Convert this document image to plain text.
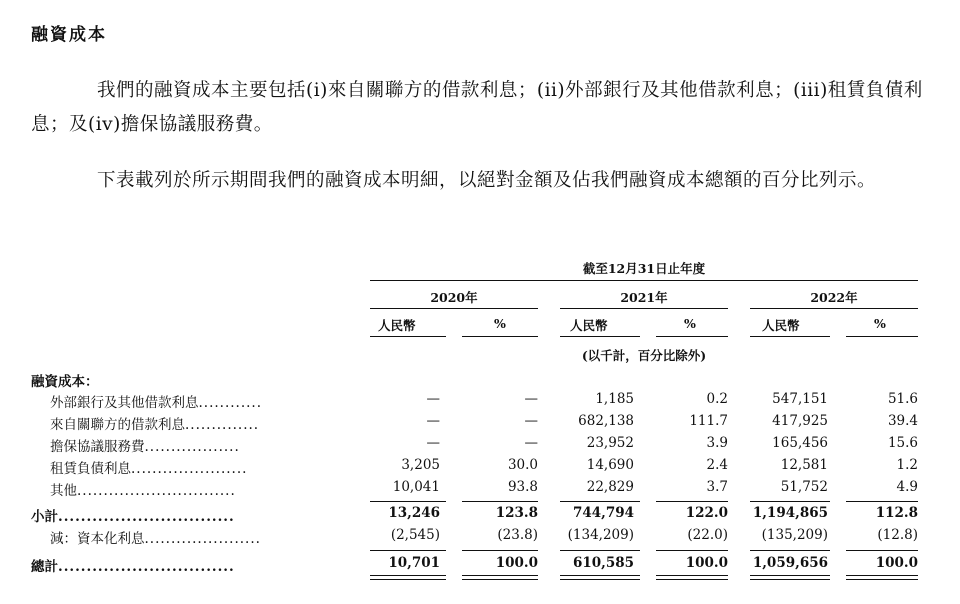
融資成本
我們的融資成本主要包括(i)來自關聯方的借款利息；(ii)外部銀行及其他借款利息；(iii)租賃負債利息；及(iv)擔保協議服務費。
下表載列於所示期間我們的融資成本明細，以絕對金額及佔我們融資成本總額的百分比列示。
截至12月31日止年度
2020年	2021年	2022年
人民幣	%	人民幣	%	人民幣	%
(以千計，百分比除外)
融資成本：
外部銀行及其他借款利息............	—	—	1,185	0.2	547,151	51.6
來自關聯方的借款利息..............	—	—	682,138	111.7	417,925	39.4
擔保協議服務費..................	—	—	23,952	3.9	165,456	15.6
租賃負債利息......................	3,205	30.0	14,690	2.4	12,581	1.2
其他..............................	10,041	93.8	22,829	3.7	51,752	4.9
小計...............................	13,246	123.8	744,794	122.0 1,194,865	112.8
減：資本化利息......................	(2,545)	(23.8) (134,209)	(22.0) (135,209)	(12.8)
總計...............................	10,701	100.0	610,585	100.0 1,059,656	100.0
